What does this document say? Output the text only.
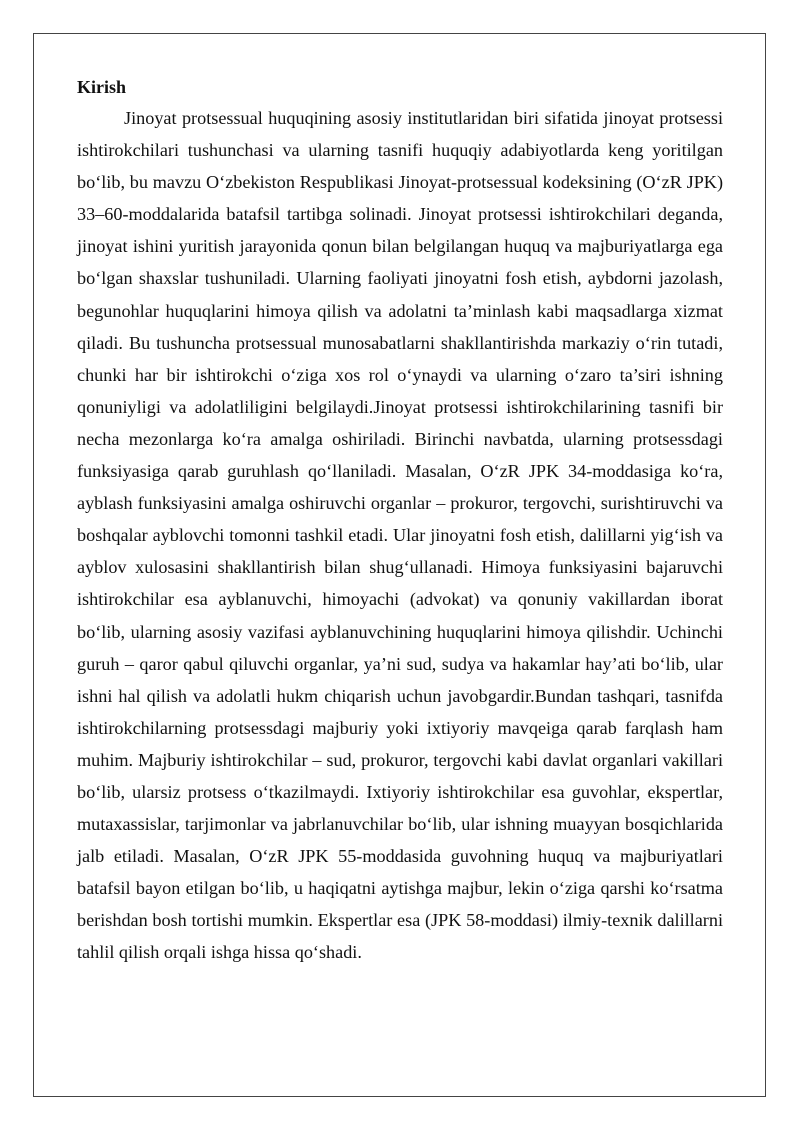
Kirish

Jinoyat protsessual huquqining asosiy institutlaridan biri sifatida jinoyat protsessi ishtirokchilari tushunchasi va ularning tasnifi huquqiy adabiyotlarda keng yoritilgan bo‘lib, bu mavzu O‘zbekiston Respublikasi Jinoyat-protsessual kodeksining (O‘zR JPK) 33–60-moddalarida batafsil tartibga solinadi. Jinoyat protsessi ishtirokchilari deganda, jinoyat ishini yuritish jarayonida qonun bilan belgilangan huquq va majburiyatlarga ega bo‘lgan shaxslar tushuniladi. Ularning faoliyati jinoyatni fosh etish, aybdorni jazolash, begunohlar huquqlarini himoya qilish va adolatni ta’minlash kabi maqsadlarga xizmat qiladi. Bu tushuncha protsessual munosabatlarni shakllantirishda markaziy o‘rin tutadi, chunki har bir ishtirokchi o‘ziga xos rol o‘ynaydi va ularning o‘zaro ta’siri ishning qonuniyligi va adolatliligini belgilaydi.Jinoyat protsessi ishtirokchilarining tasnifi bir necha mezonlarga ko‘ra amalga oshiriladi. Birinchi navbatda, ularning protsessdagi funksiyasiga qarab guruhlash qo‘llaniladi. Masalan, O‘zR JPK 34-moddasiga ko‘ra, ayblash funksiyasini amalga oshiruvchi organlar – prokuror, tergovchi, surishtiruvchi va boshqalar ayblovchi tomonni tashkil etadi. Ular jinoyatni fosh etish, dalillarni yig‘ish va ayblov xulosasini shakllantirish bilan shug‘ullanadi. Himoya funksiyasini bajaruvchi ishtirokchilar esa ayblanuvchi, himoyachi (advokat) va qonuniy vakillardan iborat bo‘lib, ularning asosiy vazifasi ayblanuvchining huquqlarini himoya qilishdir. Uchinchi guruh – qaror qabul qiluvchi organlar, ya’ni sud, sudya va hakamlar hay’ati bo‘lib, ular ishni hal qilish va adolatli hukm chiqarish uchun javobgardir.Bundan tashqari, tasnifda ishtirokchilarning protsessdagi majburiy yoki ixtiyoriy mavqeiga qarab farqlash ham muhim. Majburiy ishtirokchilar – sud, prokuror, tergovchi kabi davlat organlari vakillari bo‘lib, ularsiz protsess o‘tkazilmaydi. Ixtiyoriy ishtirokchilar esa guvohlar, ekspertlar, mutaxassislar, tarjimonlar va jabrlanuvchilar bo‘lib, ular ishning muayyan bosqichlarida jalb etiladi. Masalan, O‘zR JPK 55-moddasida guvohning huquq va majburiyatlari batafsil bayon etilgan bo‘lib, u haqiqatni aytishga majbur, lekin o‘ziga qarshi ko‘rsatma berishdan bosh tortishi mumkin. Ekspertlar esa (JPK 58-moddasi) ilmiy-texnik dalillarni tahlil qilish orqali ishga hissa qo‘shadi.
